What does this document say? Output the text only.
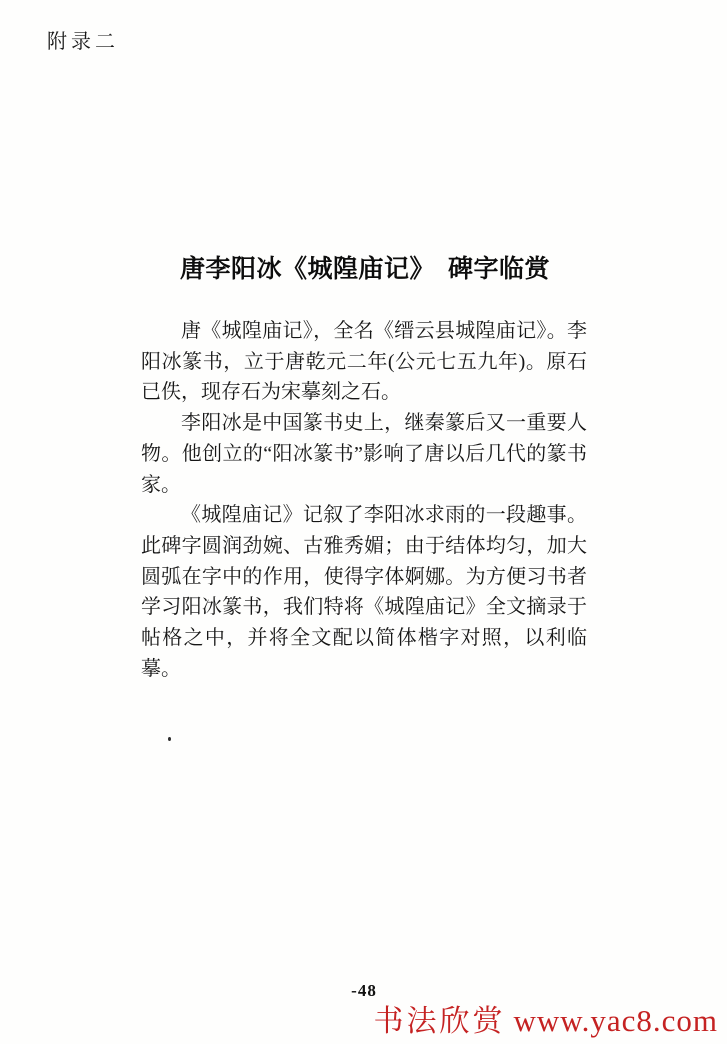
附录二
唐李阳冰《城隍庙记》　碑字临赏

唐《城隍庙记》，全名《缙云县城隍庙记》。李阳冰篆书，立于唐乾元二年(公元七五九年)。原石已佚，现存石为宋摹刻之石。

李阳冰是中国篆书史上，继秦篆后又一重要人物。他创立的“阳冰篆书”影响了唐以后几代的篆书家。

《城隍庙记》记叙了李阳冰求雨的一段趣事。此碑字圆润劲婉、古雅秀媚；由于结体均匀，加大圆弧在字中的作用，使得字体婀娜。为方便习书者学习阳冰篆书，我们特将《城隍庙记》全文摘录于帖格之中，并将全文配以简体楷字对照，以利临摹。

-48
书法欣赏 www.yac8.com
